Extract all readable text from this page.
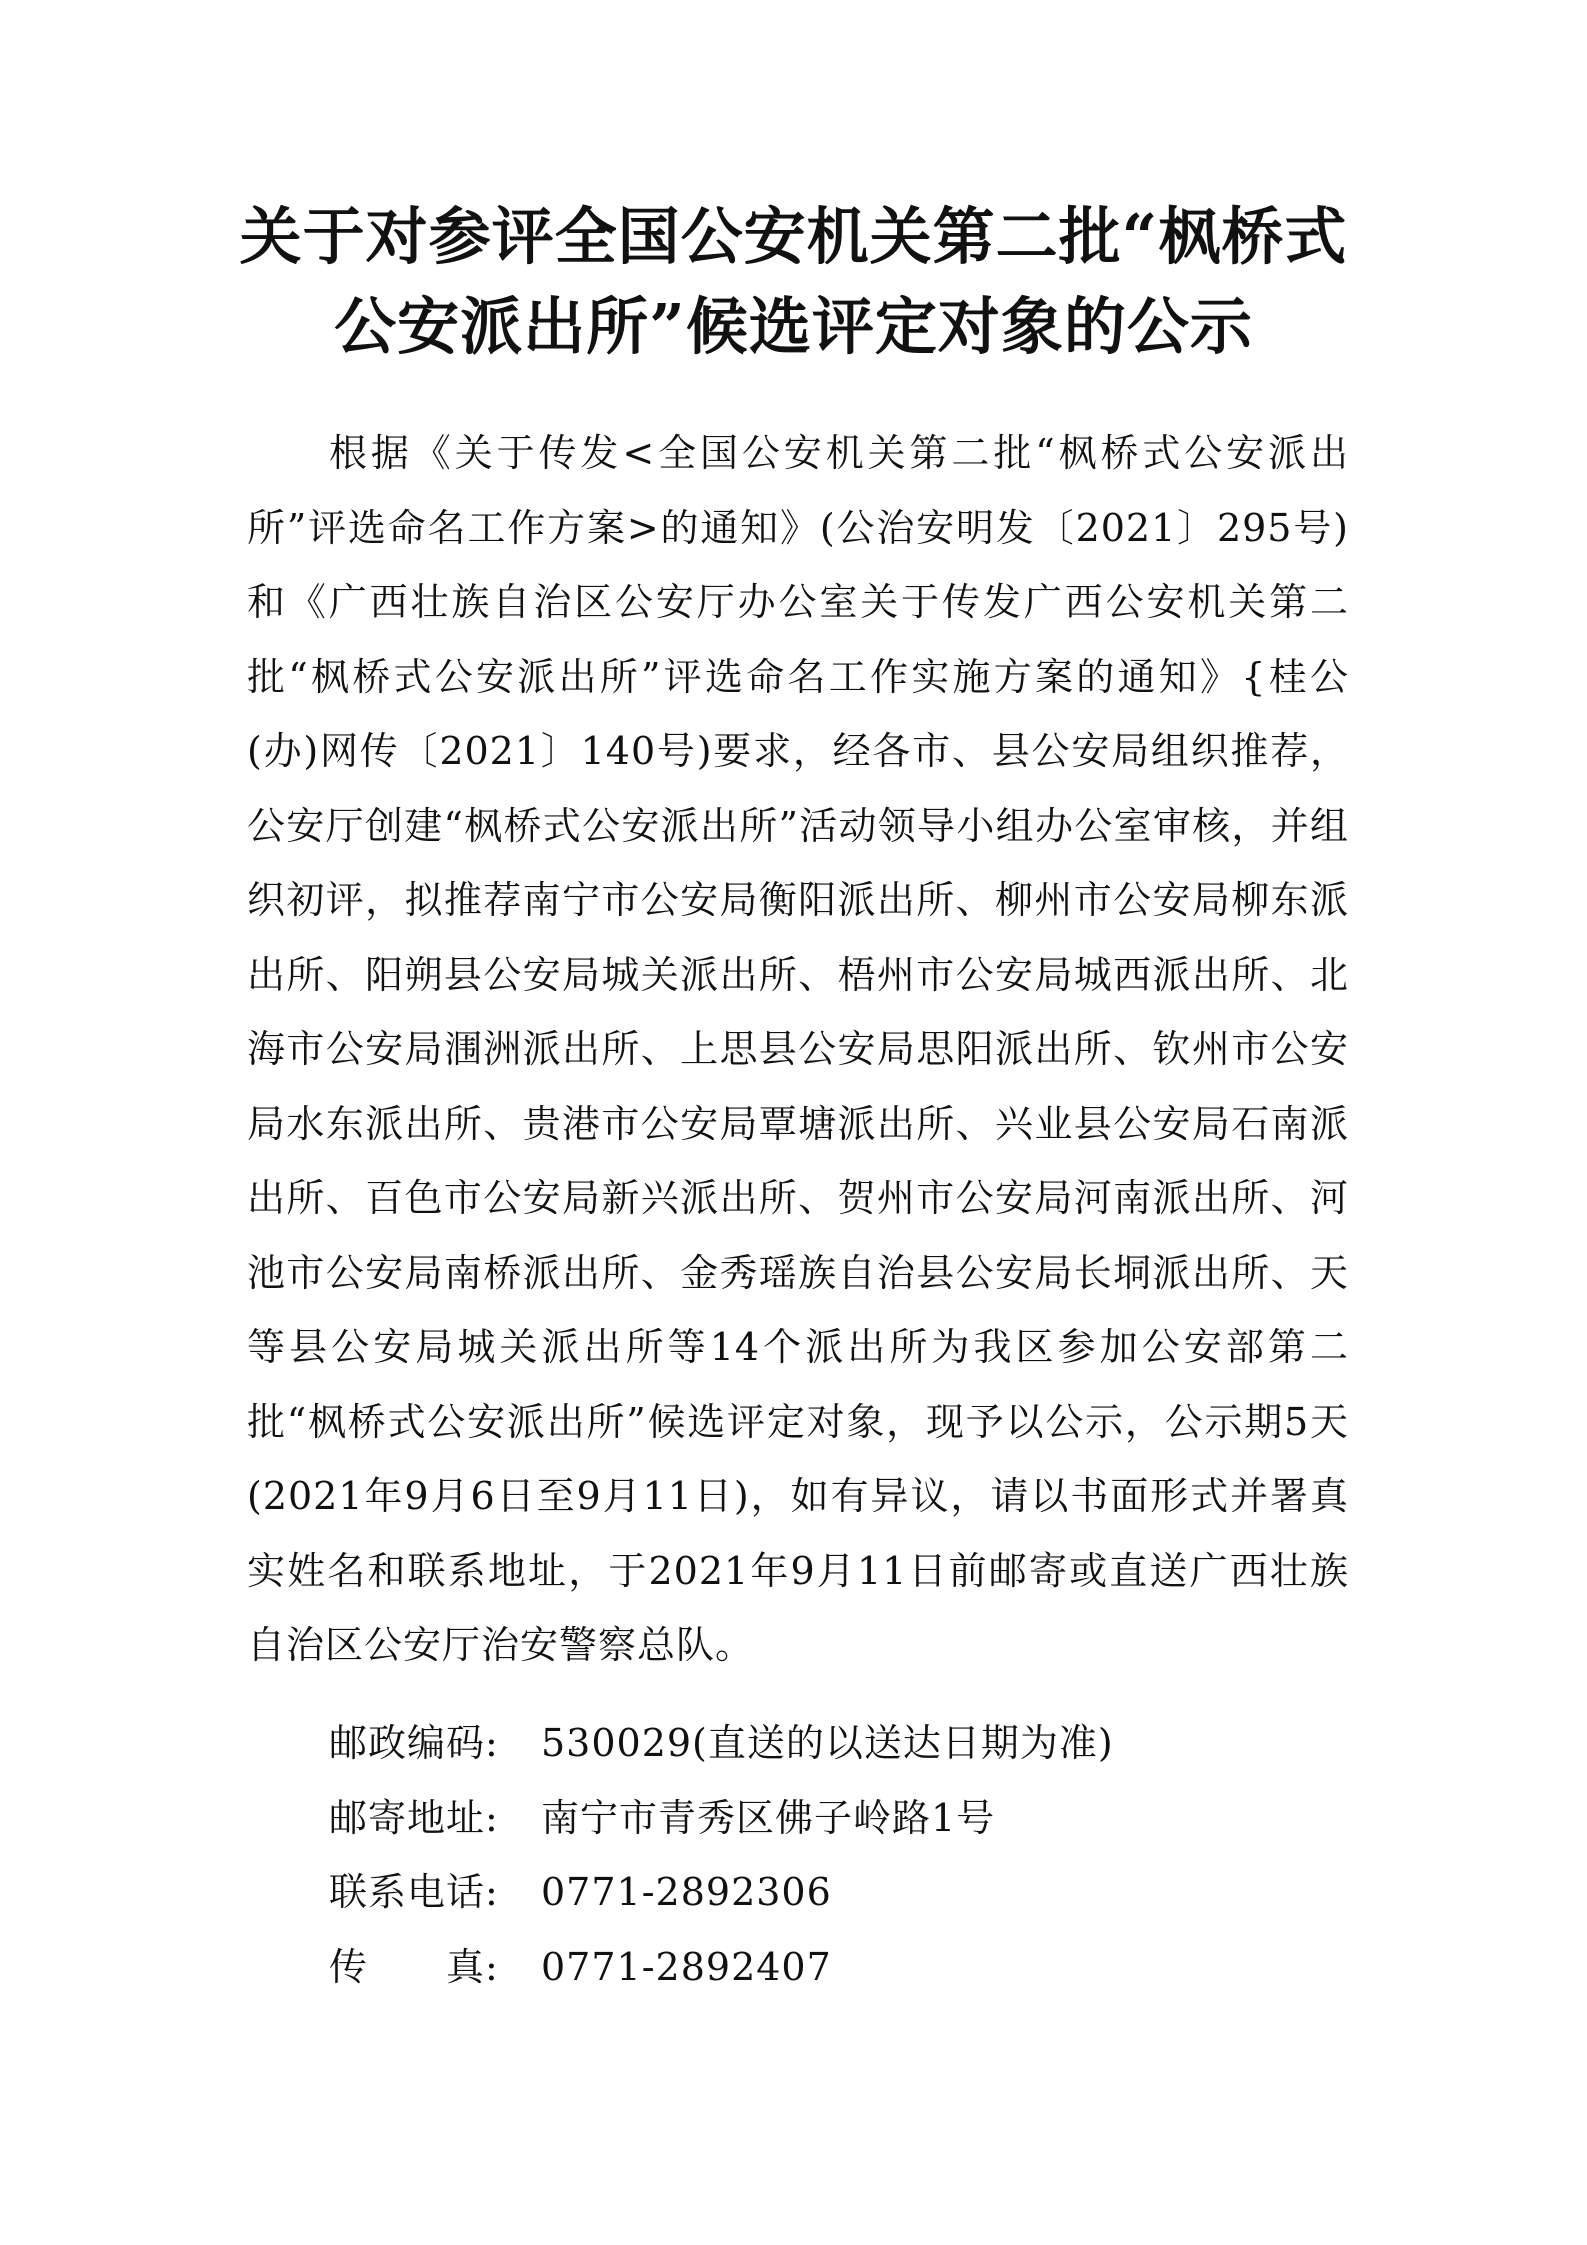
关于对参评全国公安机关第二批“枫桥式
公安派出所”候选评定对象的公示

根据《关于传发<全国公安机关第二批“枫桥式公安派出所”评选命名工作方案>的通知》(公治安明发〔2021〕295号)和《广西壮族自治区公安厅办公室关于传发广西公安机关第二批“枫桥式公安派出所”评选命名工作实施方案的通知》{桂公(办)网传〔2021〕140号)要求，经各市、县公安局组织推荐，公安厅创建“枫桥式公安派出所”活动领导小组办公室审核，并组织初评，拟推荐南宁市公安局衡阳派出所、柳州市公安局柳东派出所、阳朔县公安局城关派出所、梧州市公安局城西派出所、北海市公安局涠洲派出所、上思县公安局思阳派出所、钦州市公安局水东派出所、贵港市公安局覃塘派出所、兴业县公安局石南派出所、百色市公安局新兴派出所、贺州市公安局河南派出所、河池市公安局南桥派出所、金秀瑶族自治县公安局长垌派出所、天等县公安局城关派出所等14个派出所为我区参加公安部第二批“枫桥式公安派出所”候选评定对象，现予以公示，公示期5天(2021年9月6日至9月11日)，如有异议，请以书面形式并署真实姓名和联系地址，于2021年9月11日前邮寄或直送广西壮族自治区公安厅治安警察总队。

邮政编码: 530029(直送的以送达日期为准)
邮寄地址: 南宁市青秀区佛子岭路1号
联系电话: 0771-2892306
传　　真: 0771-2892407
